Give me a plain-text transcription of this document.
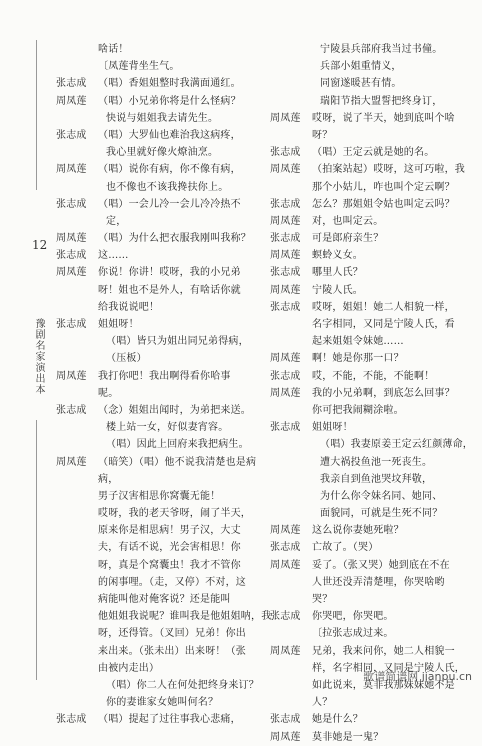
12
豫剧名家演出本
啥话！
〔凤莲背坐生气。
张志成 （唱）香姐姐整时我满面通红。
周凤莲 （唱）小兄弟你将是什么怪病？
快说与姐姐我去请先生。
张志成 （唱）大罗仙也难治我这病疼，
我心里就好像火燎油烹。
周凤莲 （唱）说你有病，你不像有病，
也不像也不该我搀扶你上。
张志成 （唱）一会儿冷一会儿冷冷热不
定，
周凤莲 （唱）为什么把衣服我刚叫我称？
张志成 这……
周凤莲 你说！你讲！哎呀，我的小兄弟
呀！姐也不是外人，有啥话你就
给我说说吧！
张志成 姐姐呀！
（唱）皆只为姐出同兄弟得病，
（压板）
周凤莲 我打你吧！我出啊得看你哈事
呢。
张志成 （念）姐姐出闻时，为弟把来送。
楼上站一女，好似妻宵容。
（唱）因此上回府来我把病生。
周凤莲 （暗笑）（唱）他不说我清楚也是病
病，
男子汉害相思你窝囊无能！
哎呀，我的老天爷呀，闹了半天，
原来你是相思病！男子汉，大丈
夫，有话不说，光会害相思！你
呀，真是个窝囊虫！我才不管你
的闲事哩。（走，又停）不对，这
病能叫他对俺客说？还是能叫
他姐姐我说呢？谁叫我是他姐姐呐，我
呀，还得管。（叉回）兄弟！你出
来出来。（张未出）出来呀！（张
由被内走出）
（唱）你二人在何处把终身来订？
你的妻谁家女她叫何名？
张志成 （唱）提起了过往事我心悲痛，
宁陵县兵部府我当过书僮。
兵部小姐重情义，
同窗遂暖甚有情。
瑞阳节指大盟誓把终身订，
周凤莲 哎呀，说了半天，她到底叫个啥
呀？
张志成 （唱）王定云就是她的名。
周凤莲 （拍案站起）哎呀，这可巧啦，我
那个小姑儿，咋也叫个定云啊？
张志成 怎么？那姐姐令姑也叫定云吗？
周凤莲 对，也叫定云。
张志成 可是郎府亲生？
周凤莲 螟蛉义女。
张志成 哪里人氏？
周凤莲 宁陵人氏。
张志成 哎呀，姐姐！她二人相貌一样，
名字相同，又同是宁陵人氏，看
起来姐姐令妹她……
周凤莲 啊！她是你那一口？
张志成 哎，不能，不能，不能啊！
周凤莲 我的小兄弟啊，到底怎么回事？
你可把我闹糊涂啦。
张志成 姐姐呀！
（唱）我妻原姜王定云红颜薄命，
遭大祸投鱼池一死丧生。
我亲自到鱼池哭坟拜敬，
为什么你令妹名同、她同、
面貌同，可就是生死不同？
周凤莲 这么说你妻她死啦？
张志成 亡故了。（哭）
周凤莲 妥了。（张又哭）她到底在不在
人世还没弄清楚哩，你哭啥哟
哭？
张志成 你哭吧，你哭吧。
〔拉张志成过来。
周凤莲 兄弟，我来问你，她二人相貌一
样，名字相同，又同是宁陵人氏，
如此说来，莫非我那妹妹她不是
人？
张志成 她是什么？
周凤莲 莫非她是一鬼？
歌谱简谱网 jianpu.cn
